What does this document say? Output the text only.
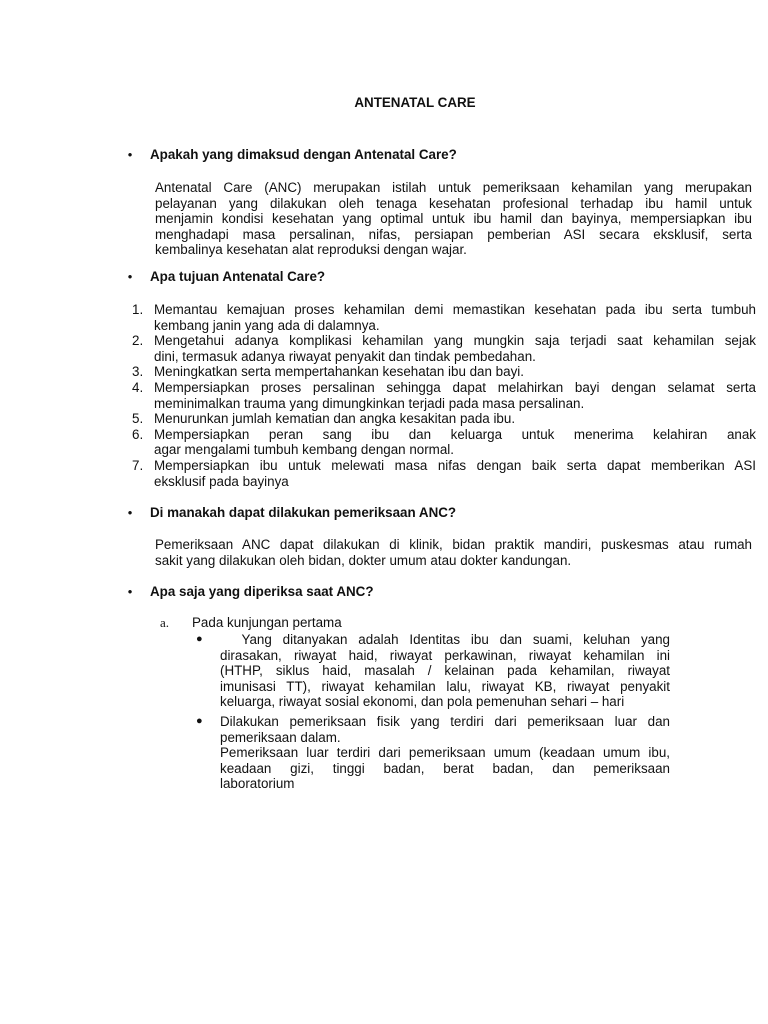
ANTENATAL CARE
• Apakah yang dimaksud dengan Antenatal Care?
Antenatal Care (ANC) merupakan istilah untuk pemeriksaan kehamilan yang merupakan
pelayanan yang dilakukan oleh tenaga kesehatan profesional terhadap ibu hamil untuk
menjamin kondisi kesehatan yang optimal untuk ibu hamil dan bayinya, mempersiapkan ibu
menghadapi masa persalinan, nifas, persiapan pemberian ASI secara eksklusif, serta
kembalinya kesehatan alat reproduksi dengan wajar.
• Apa tujuan Antenatal Care?
1. Memantau kemajuan proses kehamilan demi memastikan kesehatan pada ibu serta tumbuh
kembang janin yang ada di dalamnya.
2. Mengetahui adanya komplikasi kehamilan yang mungkin saja terjadi saat kehamilan sejak
dini, termasuk adanya riwayat penyakit dan tindak pembedahan.
3. Meningkatkan serta mempertahankan kesehatan ibu dan bayi.
4. Mempersiapkan proses persalinan sehingga dapat melahirkan bayi dengan selamat serta
meminimalkan trauma yang dimungkinkan terjadi pada masa persalinan.
5. Menurunkan jumlah kematian dan angka kesakitan pada ibu.
6. Mempersiapkan peran sang ibu dan keluarga untuk menerima kelahiran anak
agar mengalami tumbuh kembang dengan normal.
7. Mempersiapkan ibu untuk melewati masa nifas dengan baik serta dapat memberikan ASI
eksklusif pada bayinya
• Di manakah dapat dilakukan pemeriksaan ANC?
Pemeriksaan ANC dapat dilakukan di klinik, bidan praktik mandiri, puskesmas atau rumah
sakit yang dilakukan oleh bidan, dokter umum atau dokter kandungan.
• Apa saja yang diperiksa saat ANC?
a. Pada kunjungan pertama
● Yang ditanyakan adalah Identitas ibu dan suami, keluhan yang
dirasakan, riwayat haid, riwayat perkawinan, riwayat kehamilan ini
(HTHP, siklus haid, masalah / kelainan pada kehamilan, riwayat
imunisasi TT), riwayat kehamilan lalu, riwayat KB, riwayat penyakit
keluarga, riwayat sosial ekonomi, dan pola pemenuhan sehari – hari
● Dilakukan pemeriksaan fisik yang terdiri dari pemeriksaan luar dan
pemeriksaan dalam.
Pemeriksaan luar terdiri dari pemeriksaan umum (keadaan umum ibu,
keadaan gizi, tinggi badan, berat badan, dan pemeriksaan
laboratorium
